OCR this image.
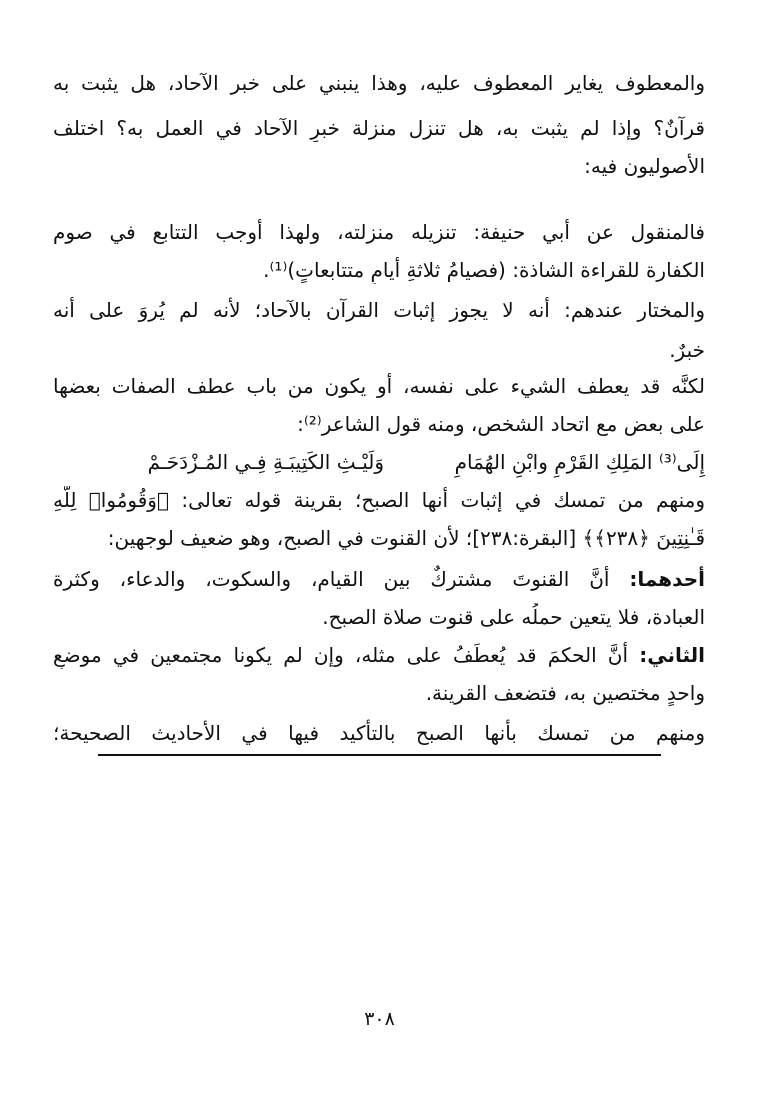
والمعطوف يغاير المعطوف عليه، وهذا ينبني على خبر الآحاد، هل يثبت به
قرآنٌ؟ وإذا لم يثبت به، هل تنزل منزلة خبرِ الآحاد في العمل به؟ اختلف
الأصوليون فيه:
فالمنقول عن أبي حنيفة: تنزيله منزلته، ولهذا أوجب التتابع في صوم
الكفارة للقراءة الشاذة: (فصيامُ ثلاثةِ أيامٍ متتابعاتٍ)⁽¹⁾.
والمختار عندهم: أنه لا يجوز إثبات القرآن بالآحاد؛ لأنه لم يُروَ على أنه
خبرٌ.
لكنَّه قد يعطف الشيء على نفسه، أو يكون من باب عطف الصفات بعضها
على بعض مع اتحاد الشخص، ومنه قول الشاعر⁽²⁾:
إِلَى⁽³⁾ المَلِكِ القَرْمِ وابْنِ الهُمَامِ
وَلَيْـثِ الكَتِيبَـةِ فِـي المُـزْدَحَـمْ
ومنهم من تمسك في إثبات أنها الصبح؛ بقرينة قوله تعالى: ﴿وَقُومُوا۟ لِلَّهِ
قَـٰنِتِينَ ﴿٢٣٨﴾﴾ [البقرة:٢٣٨]؛ لأن القنوت في الصبح، وهو ضعيف لوجهين:
أحدهما: أنَّ القنوتَ مشتركٌ بين القيام، والسكوت، والدعاء، وكثرة
العبادة، فلا يتعين حملُه على قنوت صلاة الصبح.
الثاني: أنَّ الحكمَ قد يُعطَفُ على مثله، وإن لم يكونا مجتمعين في موضعٍ
واحدٍ مختصين به، فتضعف القرينة.
ومنهم من تمسك بأنها الصبح بالتأكيد فيها في الأحاديث الصحيحة؛
٣٠٨
